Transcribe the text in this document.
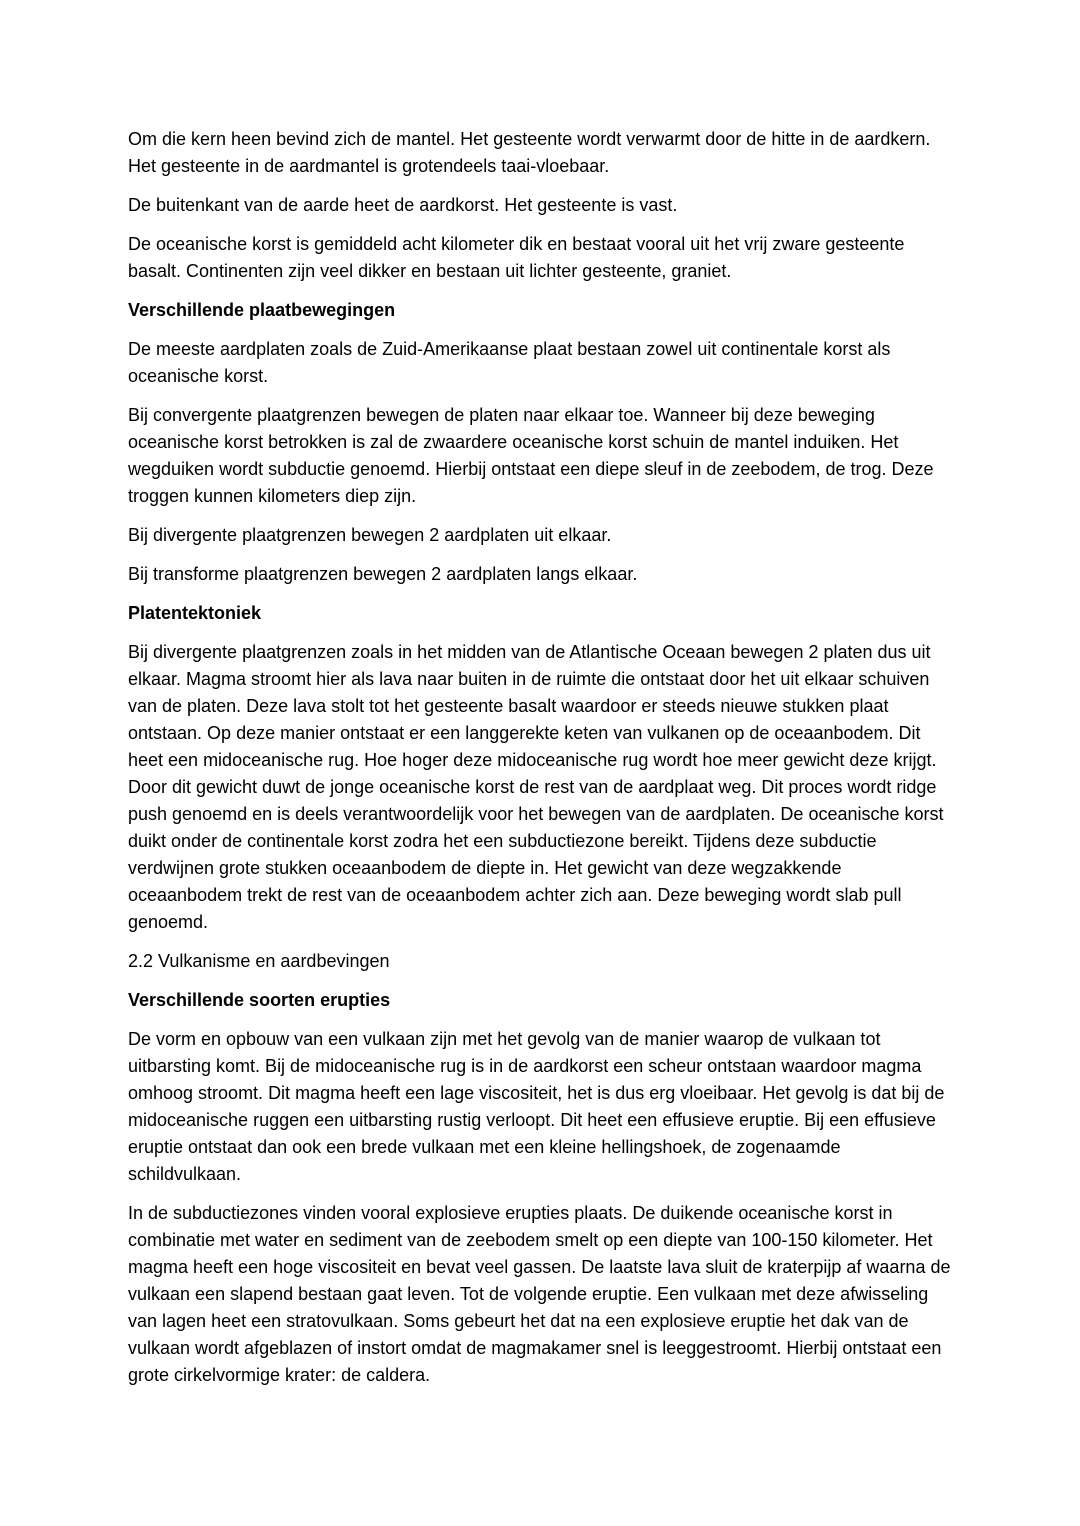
Om die kern heen bevind zich de mantel. Het gesteente wordt verwarmt door de hitte in de aardkern. Het gesteente in de aardmantel is grotendeels taai-vloebaar.

De buitenkant van de aarde heet de aardkorst. Het gesteente is vast.

De oceanische korst is gemiddeld acht kilometer dik en bestaat vooral uit het vrij zware gesteente basalt. Continenten zijn veel dikker en bestaan uit lichter gesteente, graniet.

Verschillende plaatbewegingen

De meeste aardplaten zoals de Zuid-Amerikaanse plaat bestaan zowel uit continentale korst als oceanische korst.

Bij convergente plaatgrenzen bewegen de platen naar elkaar toe. Wanneer bij deze beweging oceanische korst betrokken is zal de zwaardere oceanische korst schuin de mantel induiken. Het wegduiken wordt subductie genoemd. Hierbij ontstaat een diepe sleuf in de zeebodem, de trog. Deze troggen kunnen kilometers diep zijn.

Bij divergente plaatgrenzen bewegen 2 aardplaten uit elkaar.

Bij transforme plaatgrenzen bewegen 2 aardplaten langs elkaar.

Platentektoniek

Bij divergente plaatgrenzen zoals in het midden van de Atlantische Oceaan bewegen 2 platen dus uit elkaar. Magma stroomt hier als lava naar buiten in de ruimte die ontstaat door het uit elkaar schuiven van de platen. Deze lava stolt tot het gesteente basalt waardoor er steeds nieuwe stukken plaat ontstaan. Op deze manier ontstaat er een langgerekte keten van vulkanen op de oceaanbodem. Dit heet een midoceanische rug. Hoe hoger deze midoceanische rug wordt hoe meer gewicht deze krijgt. Door dit gewicht duwt de jonge oceanische korst de rest van de aardplaat weg. Dit proces wordt ridge push genoemd en is deels verantwoordelijk voor het bewegen van de aardplaten. De oceanische korst duikt onder de continentale korst zodra het een subductiezone bereikt. Tijdens deze subductie verdwijnen grote stukken oceaanbodem de diepte in. Het gewicht van deze wegzakkende oceaanbodem trekt de rest van de oceaanbodem achter zich aan. Deze beweging wordt slab pull genoemd.

2.2 Vulkanisme en aardbevingen

Verschillende soorten erupties

De vorm en opbouw van een vulkaan zijn met het gevolg van de manier waarop de vulkaan tot uitbarsting komt. Bij de midoceanische rug is in de aardkorst een scheur ontstaan waardoor magma omhoog stroomt. Dit magma heeft een lage viscositeit, het is dus erg vloeibaar. Het gevolg is dat bij de midoceanische ruggen een uitbarsting rustig verloopt. Dit heet een effusieve eruptie. Bij een effusieve eruptie ontstaat dan ook een brede vulkaan met een kleine hellingshoek, de zogenaamde schildvulkaan.

In de subductiezones vinden vooral explosieve erupties plaats. De duikende oceanische korst in combinatie met water en sediment van de zeebodem smelt op een diepte van 100-150 kilometer. Het magma heeft een hoge viscositeit en bevat veel gassen. De laatste lava sluit de kraterpijp af waarna de vulkaan een slapend bestaan gaat leven. Tot de volgende eruptie. Een vulkaan met deze afwisseling van lagen heet een stratovulkaan. Soms gebeurt het dat na een explosieve eruptie het dak van de vulkaan wordt afgeblazen of instort omdat de magmakamer snel is leeggestroomt. Hierbij ontstaat een grote cirkelvormige krater: de caldera.
